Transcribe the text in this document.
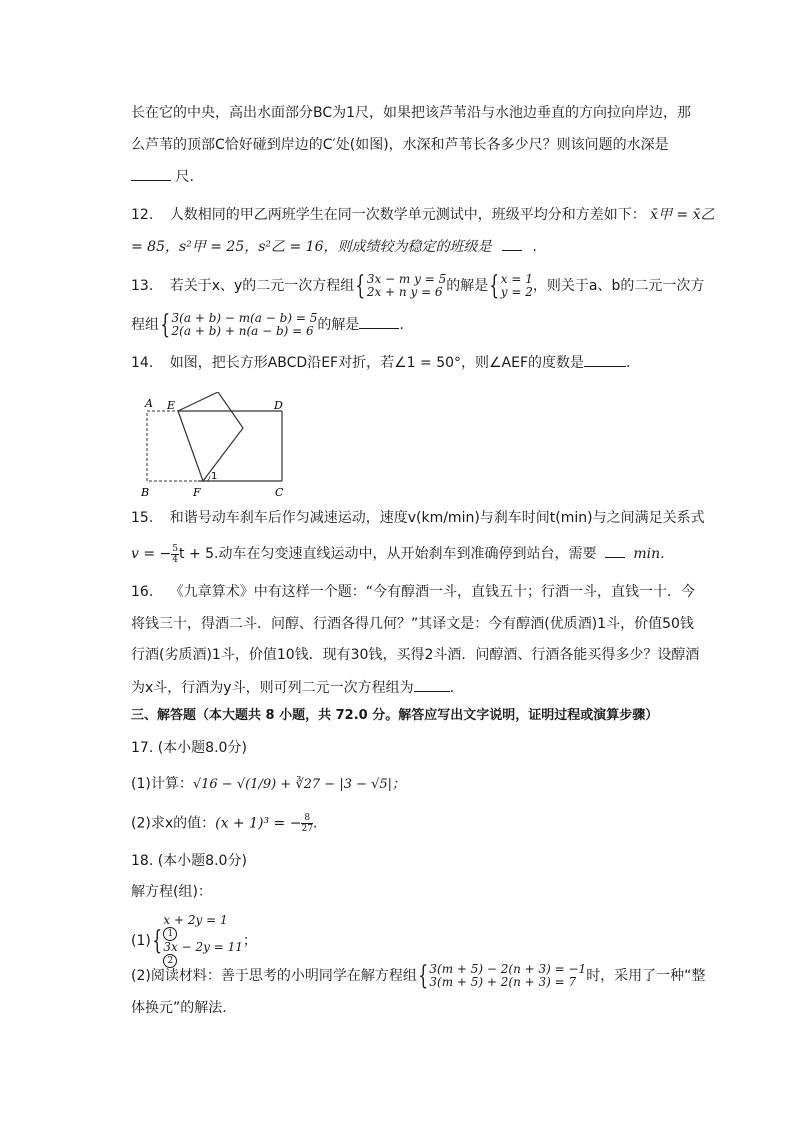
长在它的中央，高出水面部分BC为1尺，如果把该芦苇沿与水池边垂直的方向拉向岸边，那
么芦苇的顶部C恰好碰到岸边的C′处(如图)，水深和芦苇长各多少尺？则该问题的水深是
尺.
12. 人数相同的甲乙两班学生在同一次数学单元测试中，班级平均分和方差如下： x̄甲 = x̄乙
= 85，s²甲 = 25，s²乙 = 16，则成绩较为稳定的班级是	.
13. 若关于x、y的二元一次方程组{ 3x − m y = 5
2x + n y = 6 的解是{ x = 1
y = 2 ，则关于a、b的二元一次方
程组{ 3(a + b) − m(a − b) = 5
2(a + b) + n(a − b) = 6 的解是	.
14. 如图，把长方形ABCD沿EF对折，若∠1 = 50°，则∠AEF的度数是	.
A E	D
B	F	C
1
15. 和谐号动车刹车后作匀减速运动，速度v(km/min)与刹车时间t(min)与之间满足关系式
v = − $\frac{5}{4}$ t + 5.动车在匀变速直线运动中，从开始刹车到准确停到站台，需要	min.
16. 《九章算术》中有这样一个题：“今有醇酒一斗，直钱五十；行酒一斗，直钱一十．今
将钱三十，得酒二斗．问醇、行酒各得几何？”其译文是：今有醇酒(优质酒)1斗，价值50钱
行酒(劣质酒)1斗，价值10钱．现有30钱，买得2斗酒．问醇酒、行酒各能买得多少？设醇酒
为x斗，行酒为y斗，则可列二元一次方程组为	.
三、解答题（本大题共 8 小题，共 72.0 分。解答应写出文字说明，证明过程或演算步骤）
17. (本小题8.0分)
(1)计算：√16 − √(1/9) + ∛27 − |3 − √5|；
(2)求x的值：(x + 1)³ = − $\frac{8}{27}$ .
18. (本小题8.0分)
解方程(组)：
(1){
x + 2y = 1
1
3x − 2y = 11
2
；
(2)阅读材料：善于思考的小明同学在解方程组{ 3(m + 5) − 2(n + 3) = −1
3(m + 5) + 2(n + 3) = 7 时，采用了一种“整
体换元”的解法.
